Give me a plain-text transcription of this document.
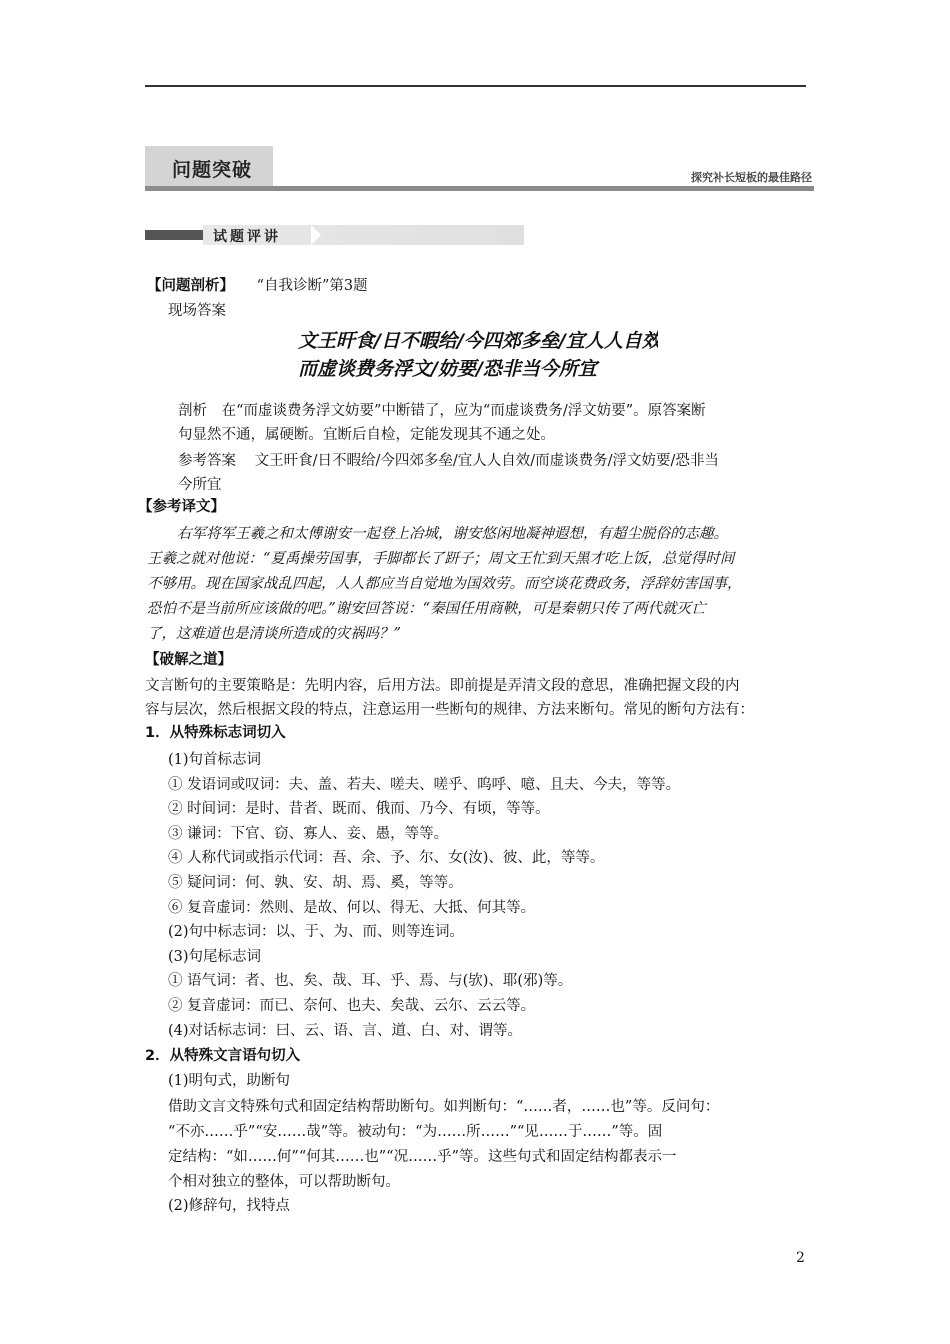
问题突破	探究补长短板的最佳路径
试题评讲
【问题剖析】 “自我诊断”第3题
现场答案
文王旰食/日不暇给/今四郊多垒/宜人人自效/
而虚谈费务浮文/妨要/恐非当今所宜
剖析 在“而虚谈费务浮文妨要”中断错了，应为“而虚谈费务/浮文妨要”。原答案断
句显然不通，属硬断。宜断后自检，定能发现其不通之处。
参考答案 文王旰食/日不暇给/今四郊多垒/宜人人自效/而虚谈费务/浮文妨要/恐非当
今所宜
【参考译文】
右军将军王羲之和太傅谢安一起登上冶城，谢安悠闲地凝神遐想，有超尘脱俗的志趣。
王羲之就对他说：“夏禹操劳国事，手脚都长了趼子；周文王忙到天黑才吃上饭，总觉得时间
不够用。现在国家战乱四起，人人都应当自觉地为国效劳。而空谈花费政务，浮辞妨害国事，
恐怕不是当前所应该做的吧。”谢安回答说：“秦国任用商鞅，可是秦朝只传了两代就灭亡
了，这难道也是清谈所造成的灾祸吗？”
【破解之道】
文言断句的主要策略是：先明内容，后用方法。即前提是弄清文段的意思，准确把握文段的内
容与层次，然后根据文段的特点，注意运用一些断句的规律、方法来断句。常见的断句方法有：
1．从特殊标志词切入
(1)句首标志词
① 发语词或叹词：夫、盖、若夫、嗟夫、嗟乎、呜呼、噫、且夫、今夫，等等。
② 时间词：是时、昔者、既而、俄而、乃今、有顷，等等。
③ 谦词：下官、窃、寡人、妾、愚，等等。
④ 人称代词或指示代词：吾、余、予、尔、女(汝)、彼、此，等等。
⑤ 疑问词：何、孰、安、胡、焉、奚，等等。
⑥ 复音虚词：然则、是故、何以、得无、大抵、何其等。
(2)句中标志词：以、于、为、而、则等连词。
(3)句尾标志词
① 语气词：者、也、矣、哉、耳、乎、焉、与(欤)、耶(邪)等。
② 复音虚词：而已、奈何、也夫、矣哉、云尔、云云等。
(4)对话标志词：曰、云、语、言、道、白、对、谓等。
2．从特殊文言语句切入
(1)明句式，助断句
借助文言文特殊句式和固定结构帮助断句。如判断句：“……者，……也”等。反问句：
“不亦……乎”“安……哉”等。被动句：“为……所……”“见……于……”等。固
定结构：“如……何”“何其……也”“况……乎”等。这些句式和固定结构都表示一
个相对独立的整体，可以帮助断句。
(2)修辞句，找特点
2
